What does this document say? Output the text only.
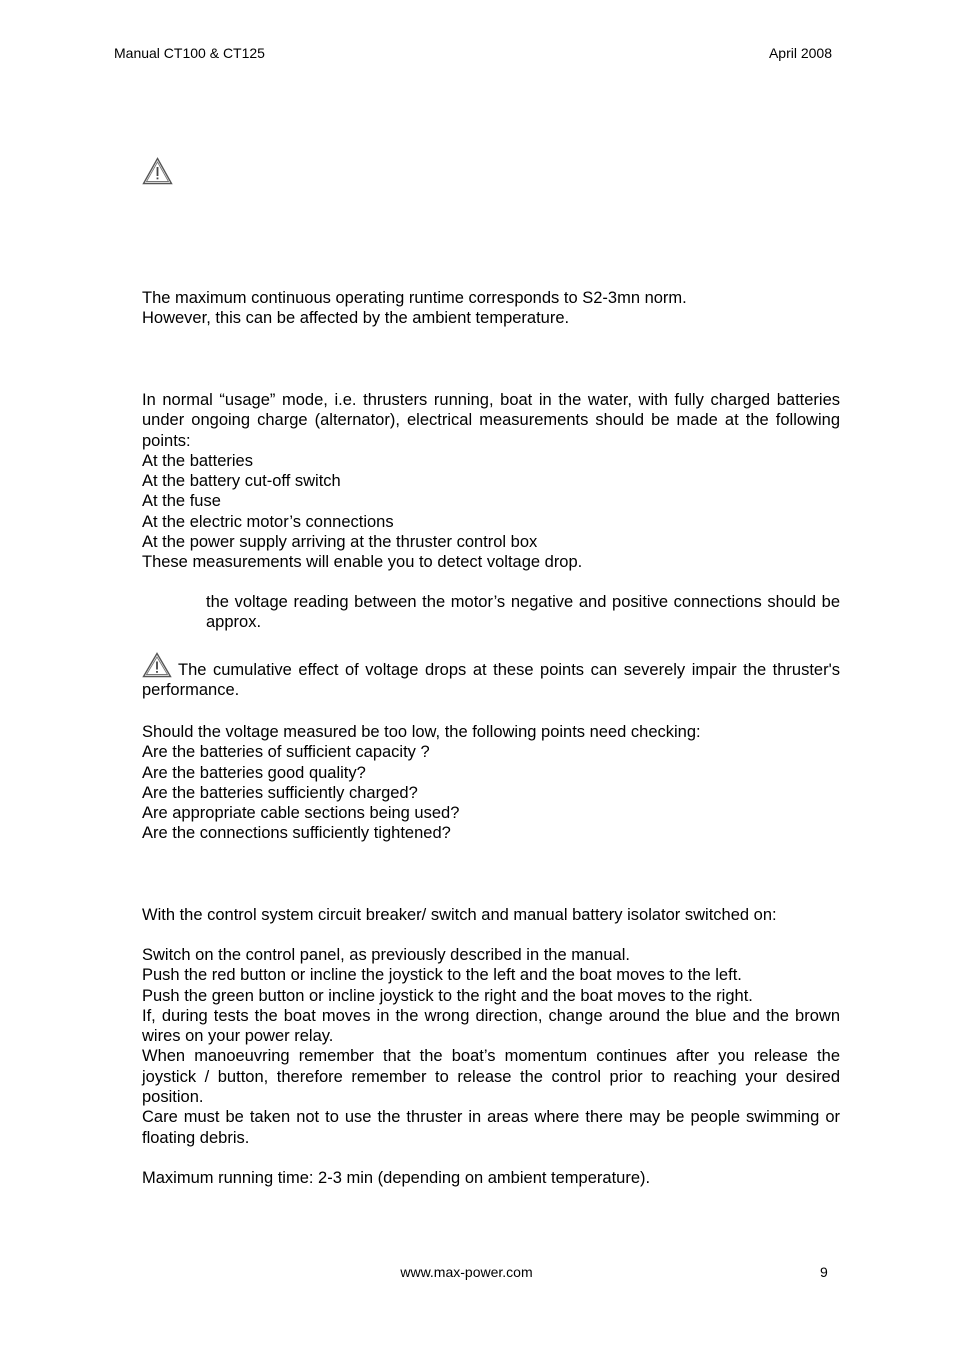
Manual CT100 & CT125	April 2008
The maximum continuous operating runtime corresponds to S2-3mn norm.
However, this can be affected by the ambient temperature.
In normal “usage” mode, i.e. thrusters running, boat in the water, with fully charged batteries under ongoing charge (alternator), electrical measurements should be made at the following points:
At the batteries
At the battery cut-off switch
At the fuse
At the electric motor’s connections
At the power supply arriving at the thruster control box
These measurements will enable you to detect voltage drop.
the voltage reading between the motor’s negative and positive connections should be approx.
The cumulative effect of voltage drops at these points can severely impair the thruster's performance.
Should the voltage measured be too low, the following points need checking:
Are the batteries of sufficient capacity ?
Are the batteries good quality?
Are the batteries sufficiently charged?
Are appropriate cable sections being used?
Are the connections sufficiently tightened?
With the control system circuit breaker/ switch and manual battery isolator switched on:
Switch on the control panel, as previously described in the manual.
Push the red button or incline the joystick to the left and the boat moves to the left.
Push the green button or incline joystick to the right and the boat moves to the right.
If, during tests the boat moves in the wrong direction, change around the blue and the brown wires on your power relay.
When manoeuvring remember that the boat’s momentum continues after you release the joystick / button, therefore remember to release the control prior to reaching your desired position.
Care must be taken not to use the thruster in areas where there may be people swimming or floating debris.
Maximum running time: 2-3 min (depending on ambient temperature).
www.max-power.com	9
